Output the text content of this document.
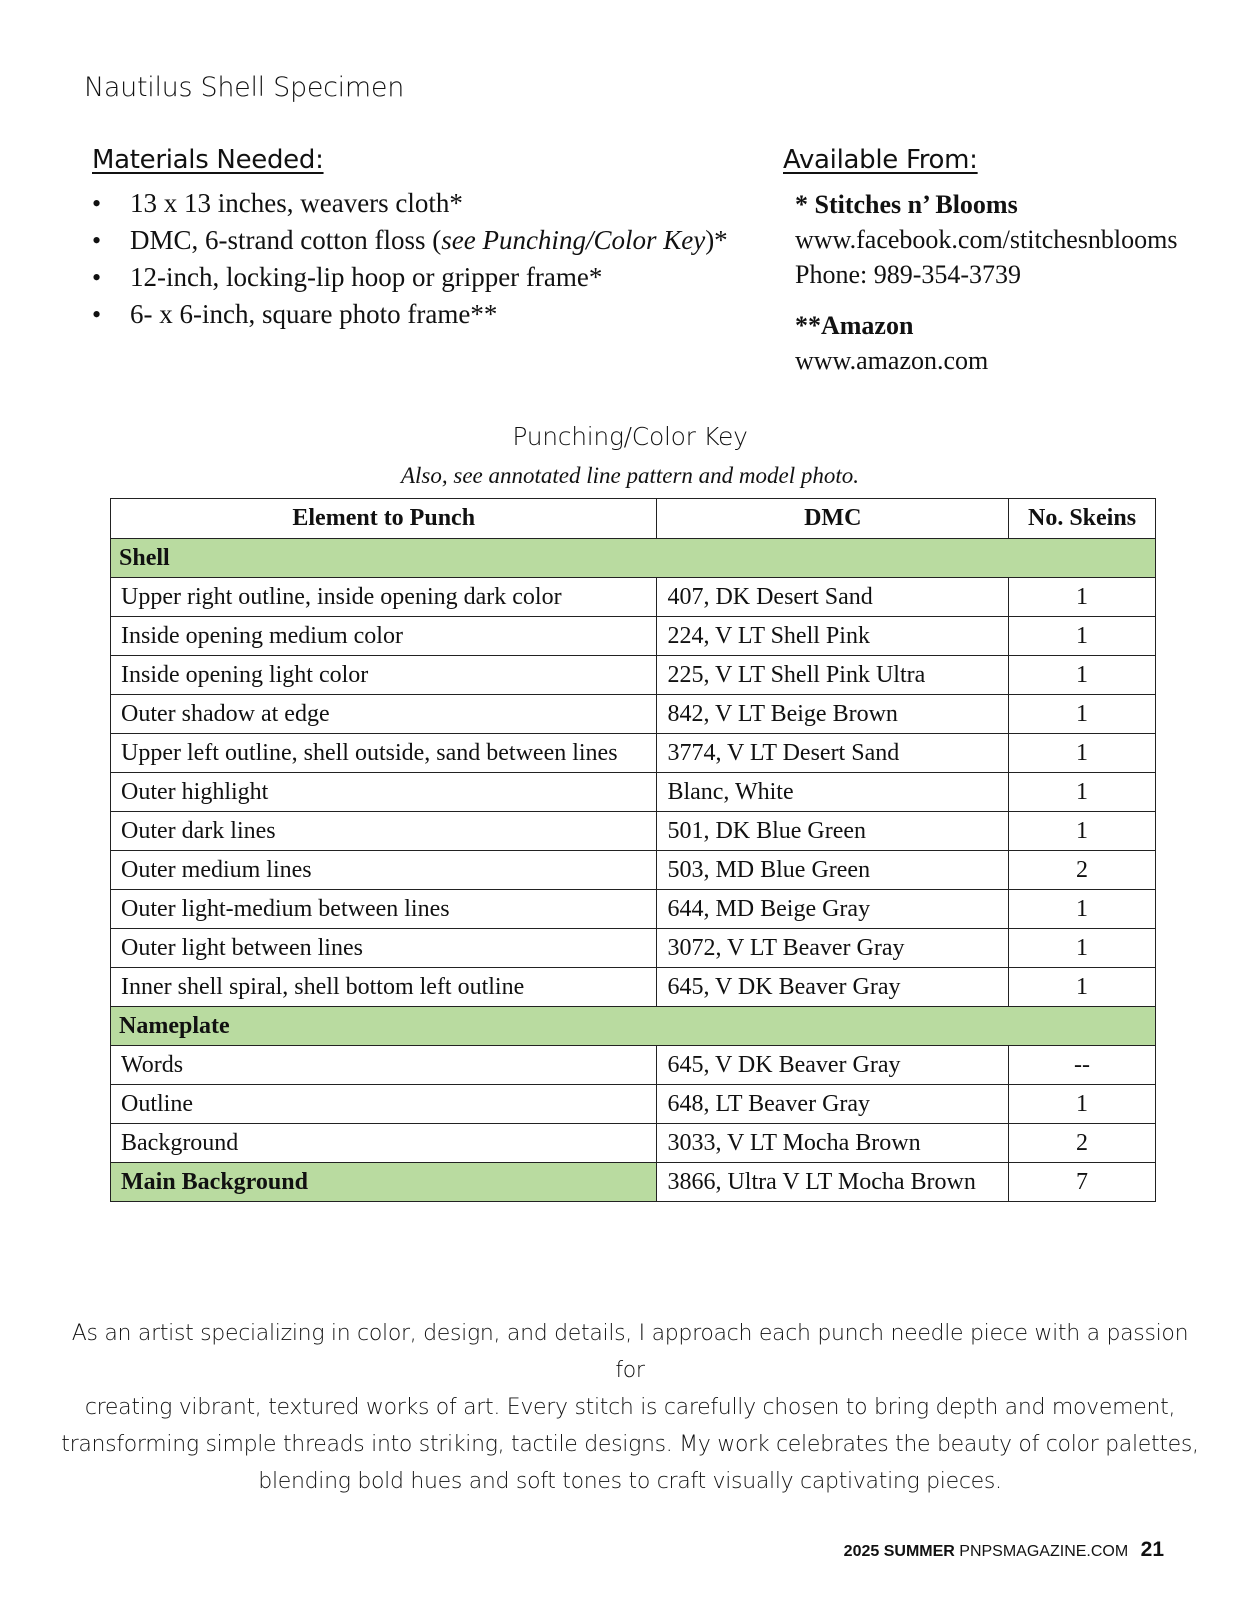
Nautilus Shell Specimen
Materials Needed:
• 13 x 13 inches, weavers cloth*
• DMC, 6-strand cotton floss (see Punching/Color Key)*
• 12-inch, locking-lip hoop or gripper frame*
• 6- x 6-inch, square photo frame**
Available From:
* Stitches n’ Blooms
www.facebook.com/stitchesnblooms
Phone: 989-354-3739
**Amazon
www.amazon.com
Punching/Color Key
Also, see annotated line pattern and model photo.
Element to Punch	DMC	No. Skeins
Shell		
Upper right outline, inside opening dark color	407, DK Desert Sand	1
Inside opening medium color	224, V LT Shell Pink	1
Inside opening light color	225, V LT Shell Pink Ultra	1
Outer shadow at edge	842, V LT Beige Brown	1
Upper left outline, shell outside, sand between lines	3774, V LT Desert Sand	1
Outer highlight	Blanc, White	1
Outer dark lines	501, DK Blue Green	1
Outer medium lines	503, MD Blue Green	2
Outer light-medium between lines	644, MD Beige Gray	1
Outer light between lines	3072, V LT Beaver Gray	1
Inner shell spiral, shell bottom left outline	645, V DK Beaver Gray	1
Nameplate		
Words	645, V DK Beaver Gray	--
Outline	648, LT Beaver Gray	1
Background	3033, V LT Mocha Brown	2
Main Background	3866, Ultra V LT Mocha Brown	7
As an artist specializing in color, design, and details, I approach each punch needle piece with a passion for
creating vibrant, textured works of art. Every stitch is carefully chosen to bring depth and movement,
transforming simple threads into striking, tactile designs. My work celebrates the beauty of color palettes,
blending bold hues and soft tones to craft visually captivating pieces.
2025 SUMMER PNPSMAGAZINE.COM 21
